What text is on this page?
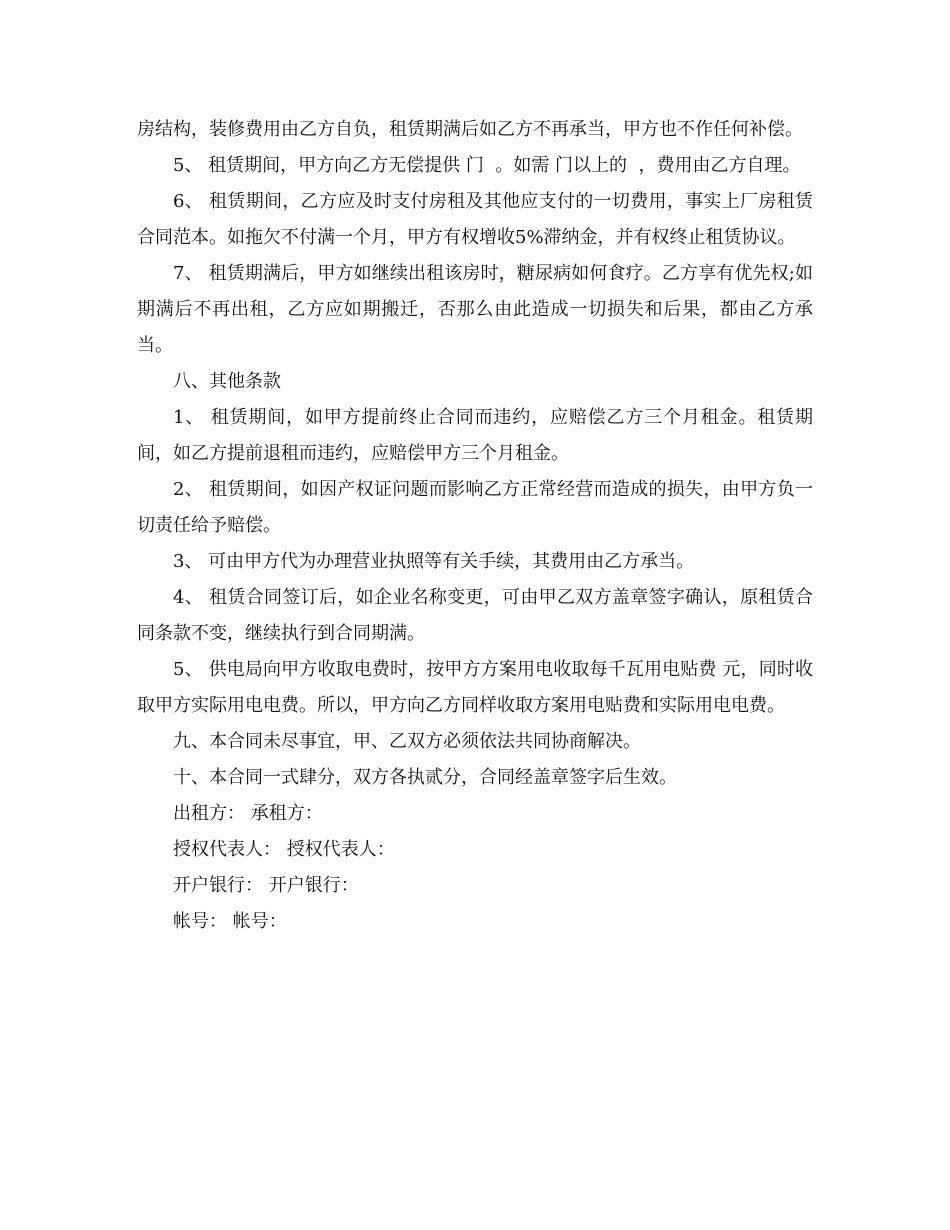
房结构，装修费用由乙方自负，租赁期满后如乙方不再承当，甲方也不作任何补偿。

5、 租赁期间，甲方向乙方无偿提供 门  。如需 门以上的  ，费用由乙方自理。

6、 租赁期间，乙方应及时支付房租及其他应支付的一切费用，事实上厂房租赁合同范本。如拖欠不付满一个月，甲方有权增收5%滞纳金，并有权终止租赁协议。

7、 租赁期满后，甲方如继续出租该房时，糖尿病如何食疗。乙方享有优先权;如期满后不再出租，乙方应如期搬迁，否那么由此造成一切损失和后果，都由乙方承当。

八、其他条款

1、 租赁期间，如甲方提前终止合同而违约，应赔偿乙方三个月租金。租赁期间，如乙方提前退租而违约，应赔偿甲方三个月租金。

2、 租赁期间，如因产权证问题而影响乙方正常经营而造成的损失，由甲方负一切责任给予赔偿。

3、 可由甲方代为办理营业执照等有关手续，其费用由乙方承当。

4、 租赁合同签订后，如企业名称变更，可由甲乙双方盖章签字确认，原租赁合同条款不变，继续执行到合同期满。

5、 供电局向甲方收取电费时，按甲方方案用电收取每千瓦用电贴费 元，同时收取甲方实际用电电费。所以，甲方向乙方同样收取方案用电贴费和实际用电电费。

九、本合同未尽事宜，甲、乙双方必须依法共同协商解决。

十、本合同一式肆分，双方各执贰分，合同经盖章签字后生效。

出租方： 承租方：

授权代表人： 授权代表人：

开户银行： 开户银行：

帐号： 帐号：
